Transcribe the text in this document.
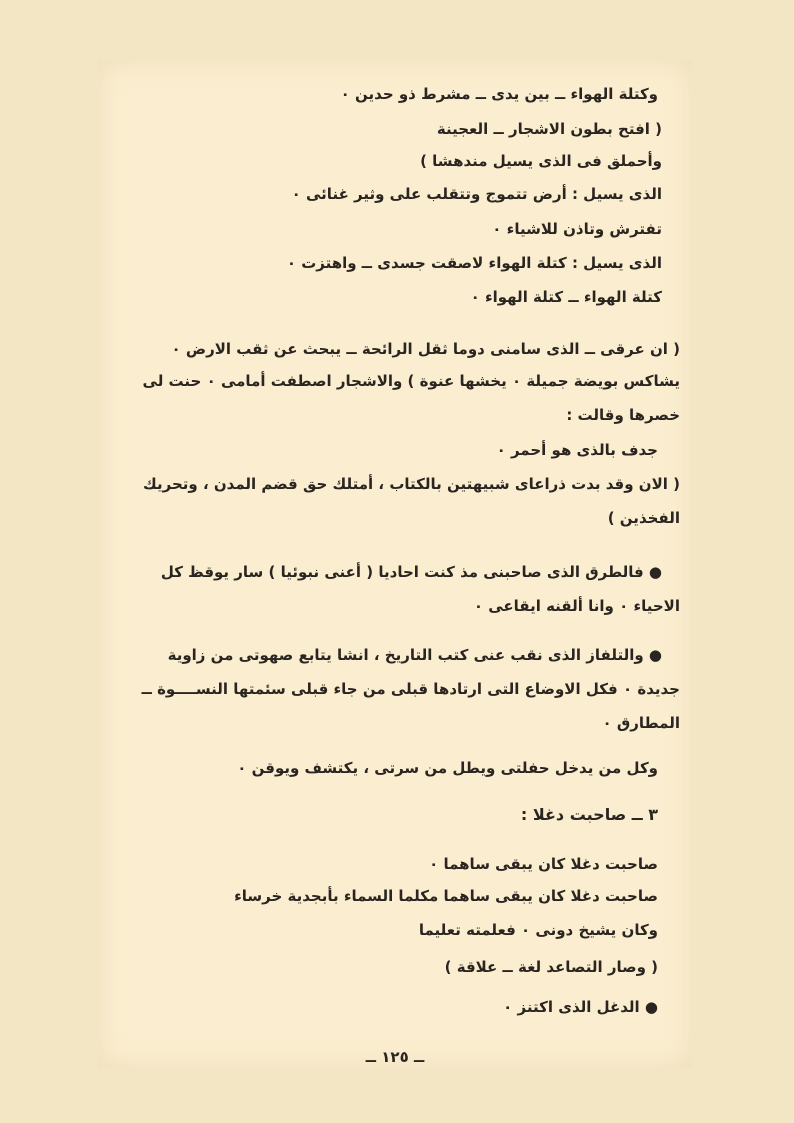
وكتلة الهواء ــ بين يدى ــ مشرط ذو حدين ٠
( افتح بطون الاشجار ــ العجينة
وأحملق فى الذى يسيل مندهشا )
الذى يسيل : أرض تتموج وتتقلب على وثير غنائى ٠
تفترش وتاذن للاشياء ٠
الذى يسيل : كتلة الهواء لاصقت جسدى ــ واهتزت ٠
كتلة الهواء ــ كتلة الهواء ٠
( ان عرقى ــ الذى سامنى دوما ثقل الرائحة ــ يبحث عن ثقب الارض ٠
يشاكس بويضة جميلة ٠ يخشها عنوة ) والاشجار اصطفت أمامى ٠ حنت لى
خصرها وقالت :
جدف بالذى هو أحمر ٠
( الان وقد بدت ذراعاى شبيهتين بالكتاب ، أمتلك حق قضم المدن ، وتحريك
الفخذين )
● فالطرق الذى صاحبنى مذ كنت احاديا ( أعنى نبوئيا ) سار يوقظ كل
الاحياء ٠ وانا ألقنه ايقاعى ٠
● والتلفاز الذى نقب عنى كتب التاريخ ، انشا يتابع صهوتى من زاوية
جديدة ٠ فكل الاوضاع التى ارتادها قبلى من جاء قبلى سئمتها النســــوة ــ
المطارق ٠
وكل من يدخل حفلتى ويطل من سرتى ، يكتشف ويوقن ٠
٣ ــ صاحبت دغلا :
صاحبت دغلا كان يبقى ساهما ٠
صاحبت دغلا كان يبقى ساهما مكلما السماء بأبجدية خرساء
وكان يشيخ دونى ٠ فعلمته تعليما
( وصار التصاعد لغة ــ علاقة )
● الدغل الذى اكتنز ٠
ــ ١٢٥ ــ
